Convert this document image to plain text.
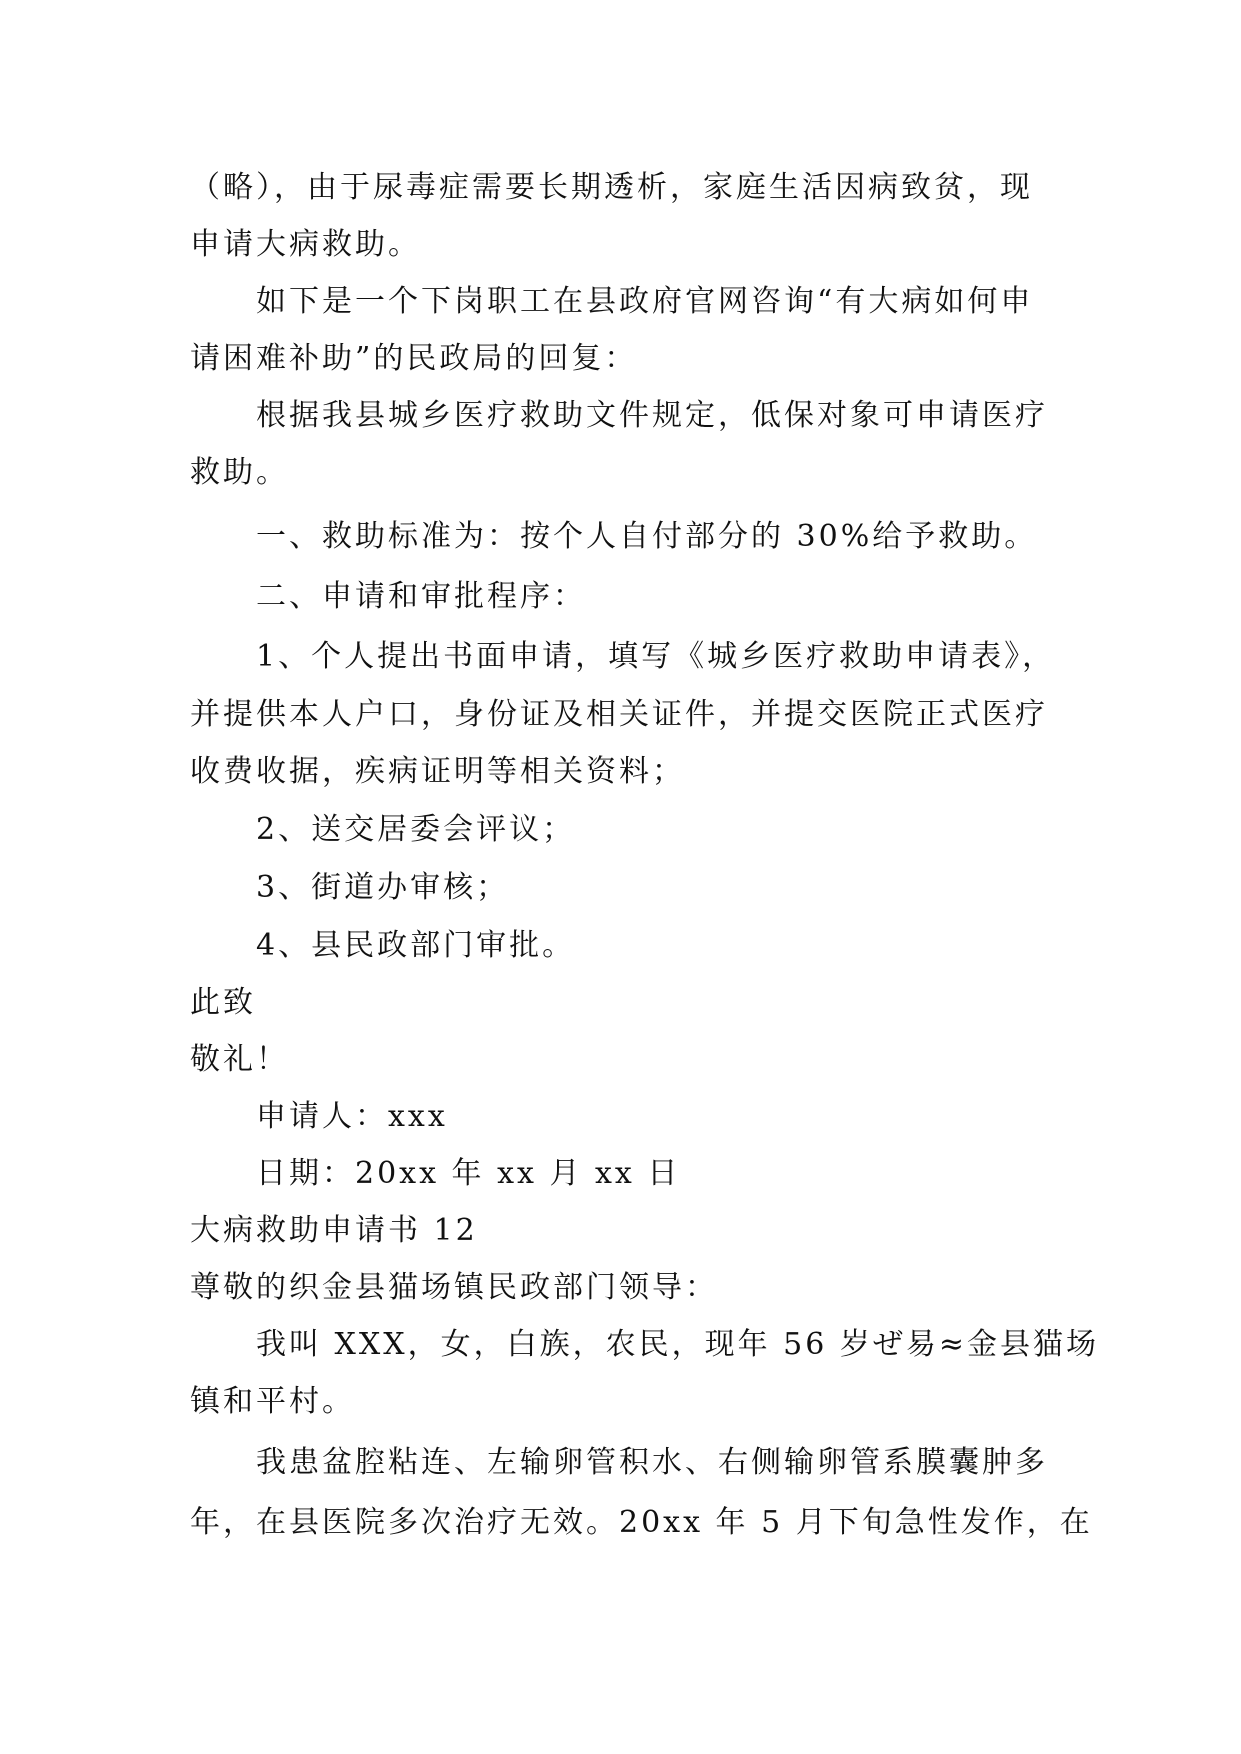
（略），由于尿毒症需要长期透析，家庭生活因病致贫，现
申请大病救助。
如下是一个下岗职工在县政府官网咨询“有大病如何申
请困难补助”的民政局的回复：
根据我县城乡医疗救助文件规定，低保对象可申请医疗
救助。
一、救助标准为：按个人自付部分的 30%给予救助。
二、申请和审批程序：
1、个人提出书面申请，填写《城乡医疗救助申请表》，
并提供本人户口，身份证及相关证件，并提交医院正式医疗
收费收据，疾病证明等相关资料；
2、送交居委会评议；
3、街道办审核；
4、县民政部门审批。
此致
敬礼！
申请人：xxx
日期：20xx 年 xx 月 xx 日
大病救助申请书 12
尊敬的织金县猫场镇民政部门领导：
我叫 XXX，女，白族，农民，现年 56 岁ぜ易≈金县猫场
镇和平村。
我患盆腔粘连、左输卵管积水、右侧输卵管系膜囊肿多
年，在县医院多次治疗无效。20xx 年 5 月下旬急性发作，在
